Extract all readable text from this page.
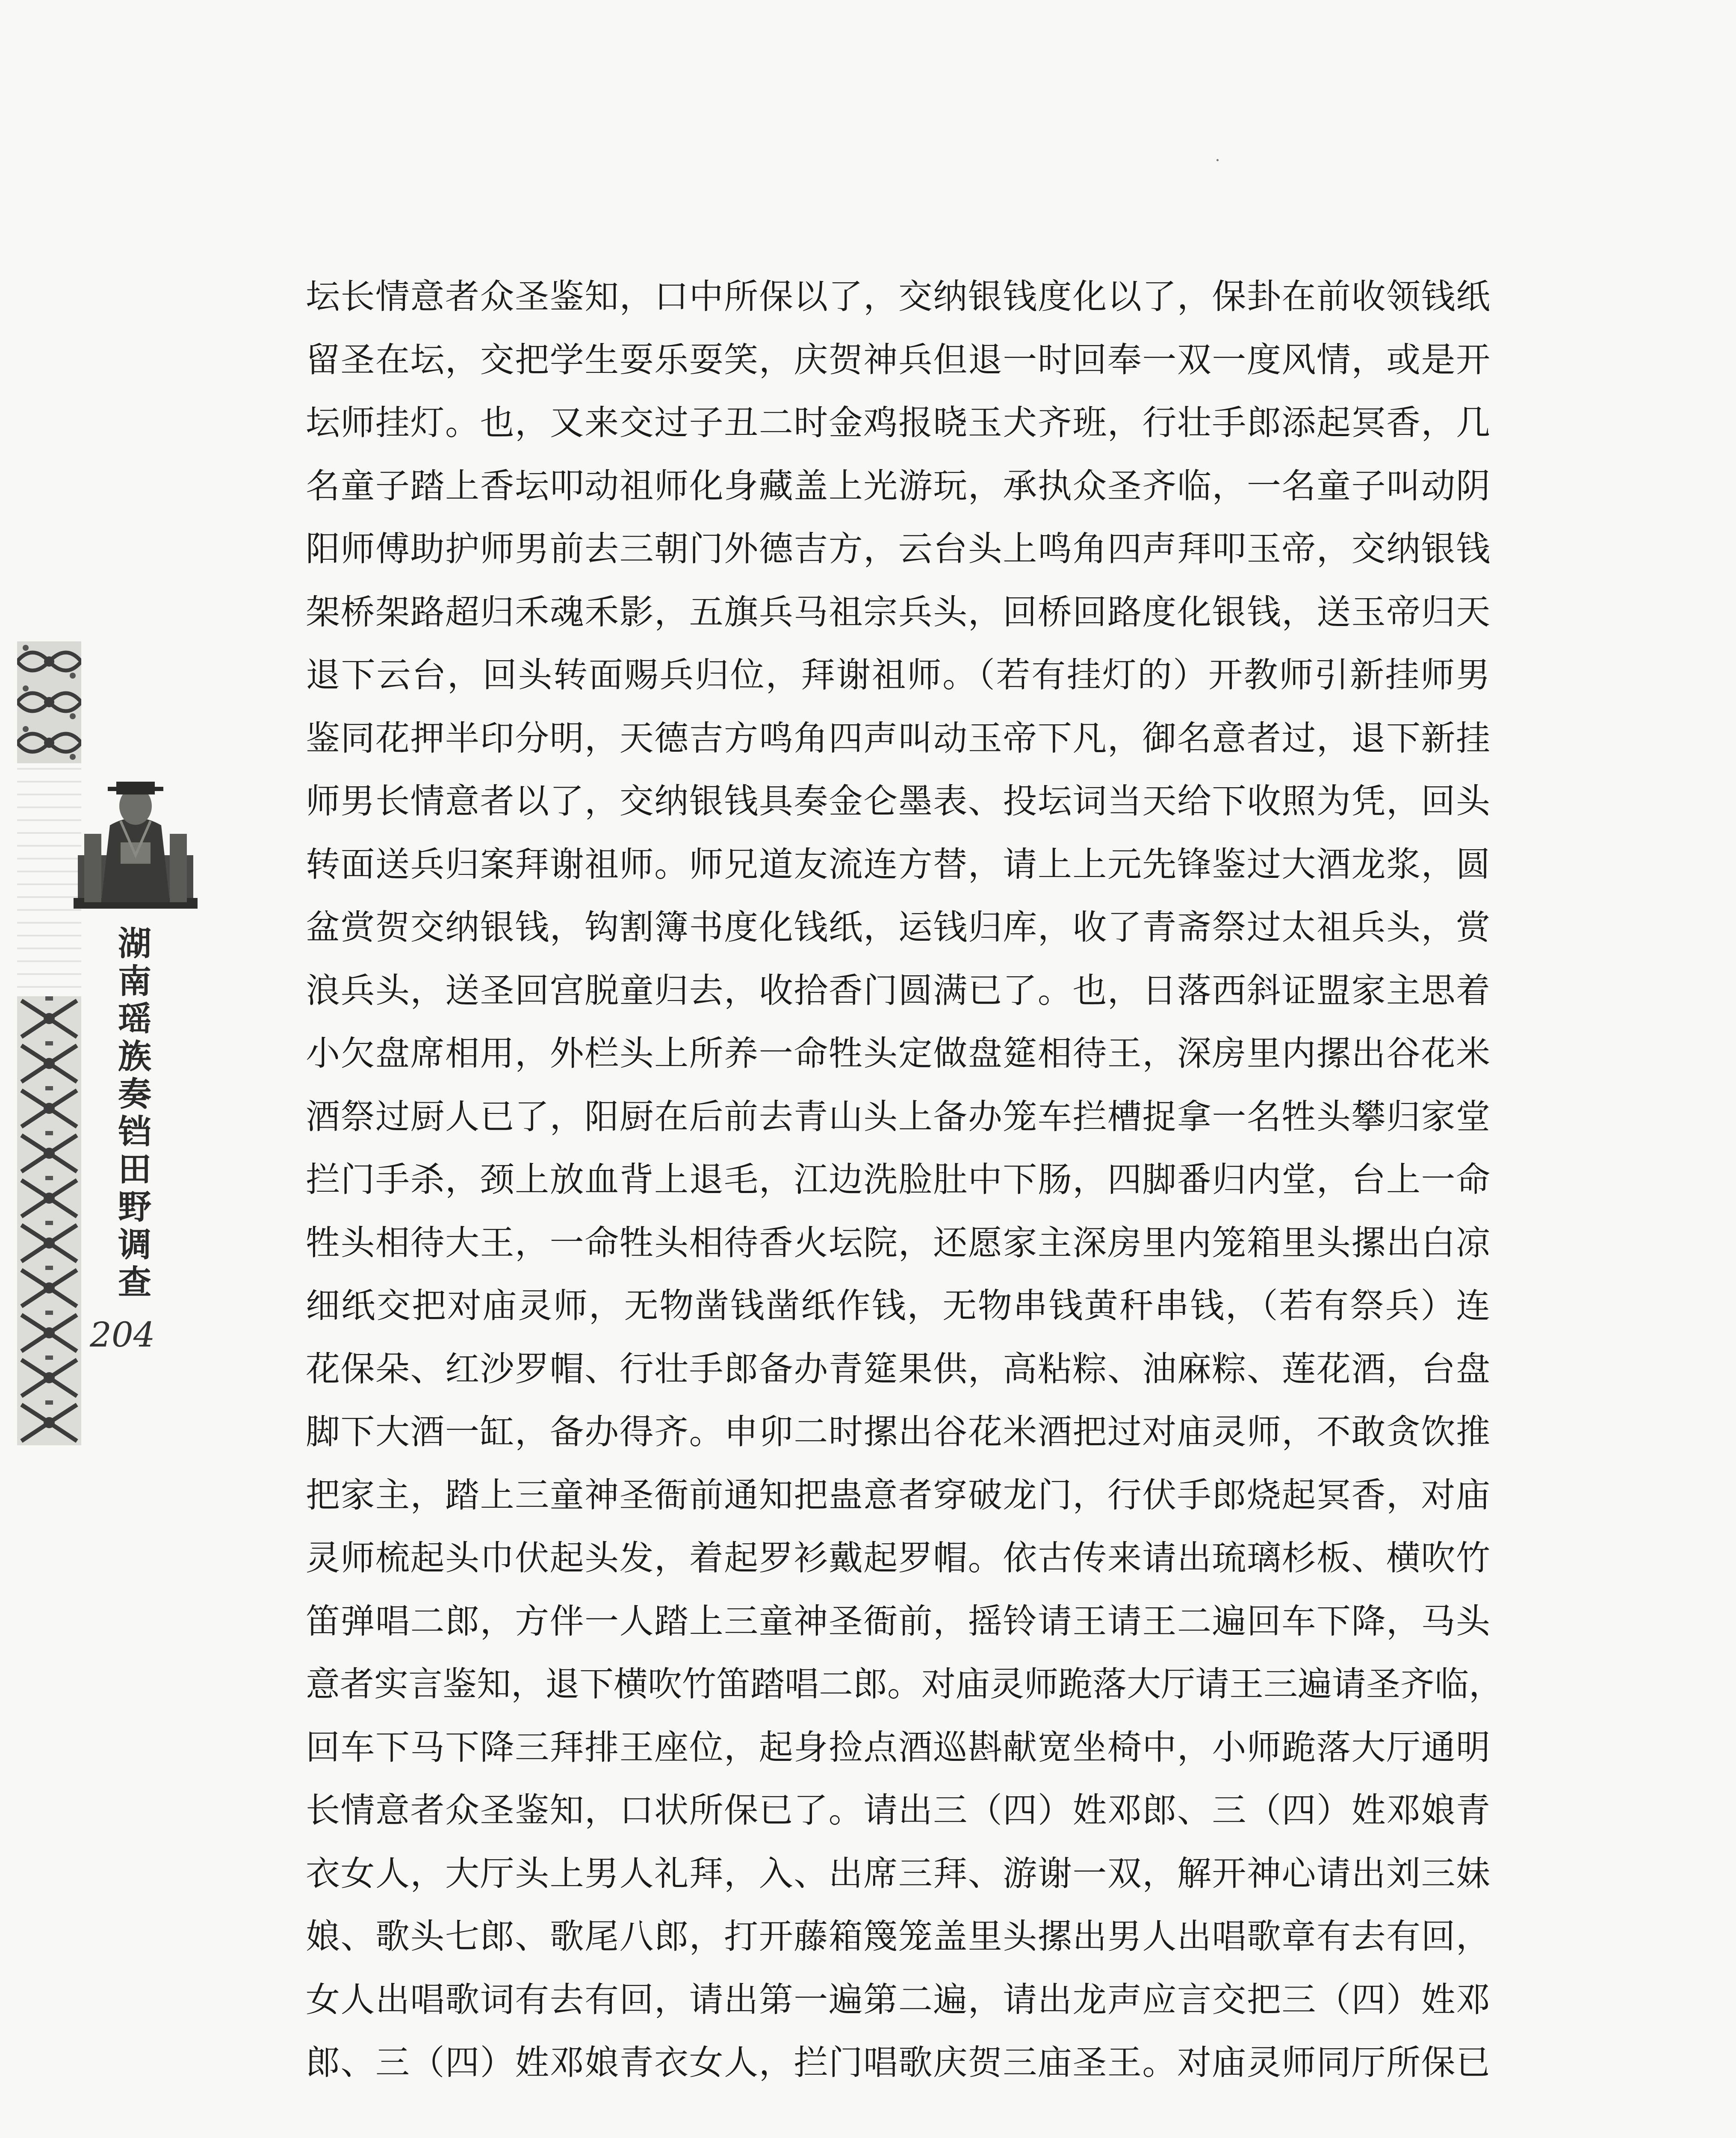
湖南瑶族奏铛田野调查
204
坛长情意者众圣鉴知，口中所保以了，交纳银钱度化以了，保卦在前收领钱纸
留圣在坛，交把学生耍乐耍笑，庆贺神兵但退一时回奉一双一度风情，或是开
坛师挂灯。也，又来交过子丑二时金鸡报晓玉犬齐班，行壮手郎添起冥香，几
名童子踏上香坛叩动祖师化身藏盖上光游玩，承执众圣齐临，一名童子叫动阴
阳师傅助护师男前去三朝门外德吉方，云台头上鸣角四声拜叩玉帝，交纳银钱
架桥架路超归禾魂禾影，五旗兵马祖宗兵头，回桥回路度化银钱，送玉帝归天
退下云台，回头转面赐兵归位，拜谢祖师。（若有挂灯的）开教师引新挂师男
鉴同花押半印分明，天德吉方鸣角四声叫动玉帝下凡，御名意者过，退下新挂
师男长情意者以了，交纳银钱具奏金仑墨表、投坛词当天给下收照为凭，回头
转面送兵归案拜谢祖师。师兄道友流连方替，请上上元先锋鉴过大酒龙浆，圆
盆赏贺交纳银钱，钩割簿书度化钱纸，运钱归库，收了青斋祭过太祖兵头，赏
浪兵头，送圣回宫脱童归去，收拾香门圆满已了。也，日落西斜证盟家主思着
小欠盘席相用，外栏头上所养一命牲头定做盘筵相待王，深房里内摞出谷花米
酒祭过厨人已了，阳厨在后前去青山头上备办笼车拦槽捉拿一名牲头攀归家堂
拦门手杀，颈上放血背上退毛，江边洗脸肚中下肠，四脚番归内堂，台上一命
牲头相待大王，一命牲头相待香火坛院，还愿家主深房里内笼箱里头摞出白凉
细纸交把对庙灵师，无物凿钱凿纸作钱，无物串钱黄秆串钱，（若有祭兵）连
花保朵、红沙罗帽、行壮手郎备办青筵果供，高粘粽、油麻粽、莲花酒，台盘
脚下大酒一缸，备办得齐。申卯二时摞出谷花米酒把过对庙灵师，不敢贪饮推
把家主，踏上三童神圣衙前通知把蛊意者穿破龙门，行伏手郎烧起冥香，对庙
灵师梳起头巾伏起头发，着起罗衫戴起罗帽。依古传来请出琉璃杉板、横吹竹
笛弹唱二郎，方伴一人踏上三童神圣衙前，摇铃请王请王二遍回车下降，马头
意者实言鉴知，退下横吹竹笛踏唱二郎。对庙灵师跪落大厅请王三遍请圣齐临，
回车下马下降三拜排王座位，起身捡点酒巡斟献宽坐椅中，小师跪落大厅通明
长情意者众圣鉴知，口状所保已了。请出三（四）姓邓郎、三（四）姓邓娘青
衣女人，大厅头上男人礼拜，入、出席三拜、游谢一双，解开神心请出刘三妹
娘、歌头七郎、歌尾八郎，打开藤箱篾笼盖里头摞出男人出唱歌章有去有回，
女人出唱歌词有去有回，请出第一遍第二遍，请出龙声应言交把三（四）姓邓
郎、三（四）姓邓娘青衣女人，拦门唱歌庆贺三庙圣王。对庙灵师同厅所保已
